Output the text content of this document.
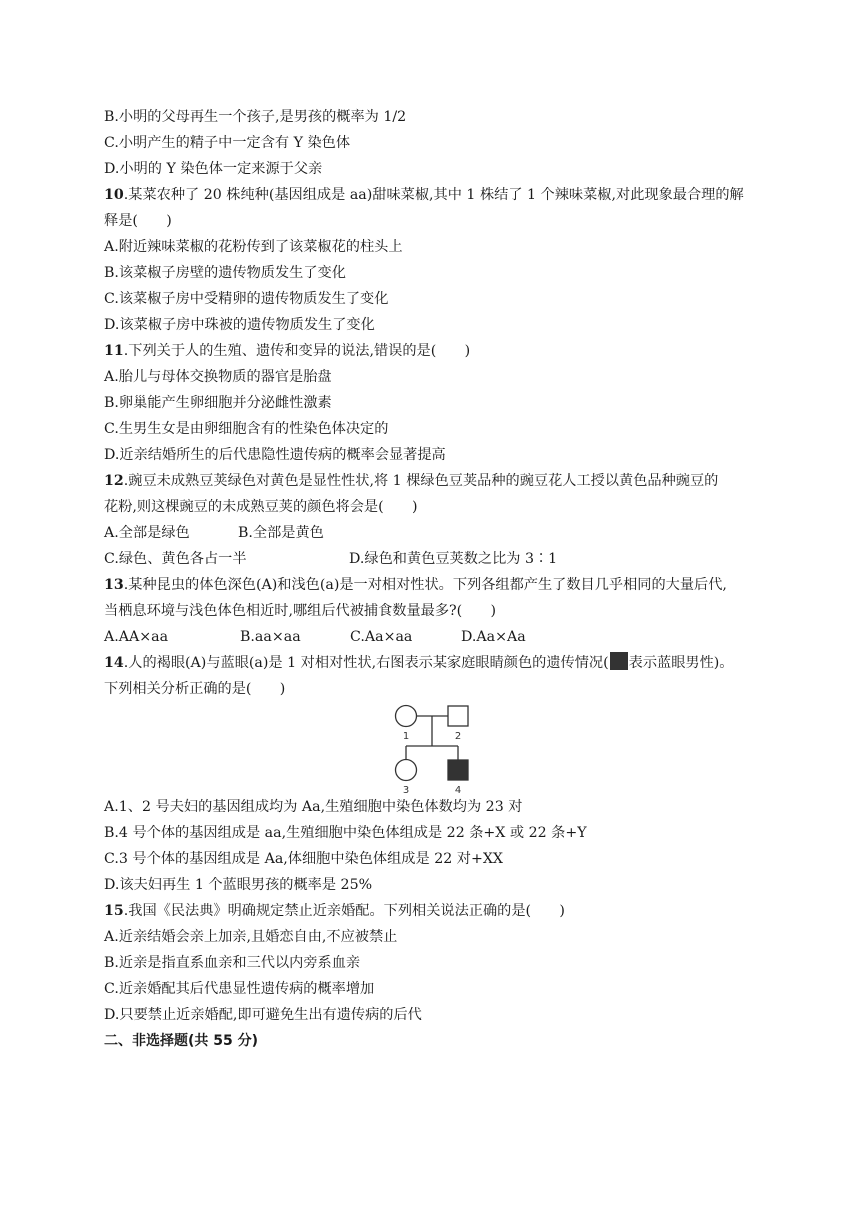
B.小明的父母再生一个孩子,是男孩的概率为 1/2
C.小明产生的精子中一定含有 Y 染色体
D.小明的 Y 染色体一定来源于父亲
10.某菜农种了 20 株纯种(基因组成是 aa)甜味菜椒,其中 1 株结了 1 个辣味菜椒,对此现象最合理的解
释是(　　)
A.附近辣味菜椒的花粉传到了该菜椒花的柱头上
B.该菜椒子房壁的遗传物质发生了变化
C.该菜椒子房中受精卵的遗传物质发生了变化
D.该菜椒子房中珠被的遗传物质发生了变化
11.下列关于人的生殖、遗传和变异的说法,错误的是(　　)
A.胎儿与母体交换物质的器官是胎盘
B.卵巢能产生卵细胞并分泌雌性激素
C.生男生女是由卵细胞含有的性染色体决定的
D.近亲结婚所生的后代患隐性遗传病的概率会显著提高
12.豌豆未成熟豆荚绿色对黄色是显性性状,将 1 棵绿色豆荚品种的豌豆花人工授以黄色品种豌豆的
花粉,则这棵豌豆的未成熟豆荚的颜色将会是(　　)
A.全部是绿色	B.全部是黄色
C.绿色、黄色各占一半	D.绿色和黄色豆荚数之比为 3∶1
13.某种昆虫的体色深色(A)和浅色(a)是一对相对性状。下列各组都产生了数目几乎相同的大量后代,
当栖息环境与浅色体色相近时,哪组后代被捕食数量最多?(　　)
A.AA×aa	B.aa×aa	C.Aa×aa	D.Aa×Aa
14.人的褐眼(A)与蓝眼(a)是 1 对相对性状,右图表示某家庭眼睛颜色的遗传情况( 表示蓝眼男性)。
下列相关分析正确的是(　　)
1	2
3	4
A.1、2 号夫妇的基因组成均为 Aa,生殖细胞中染色体数均为 23 对
B.4 号个体的基因组成是 aa,生殖细胞中染色体组成是 22 条+X 或 22 条+Y
C.3 号个体的基因组成是 Aa,体细胞中染色体组成是 22 对+XX
D.该夫妇再生 1 个蓝眼男孩的概率是 25%
15.我国《民法典》明确规定禁止近亲婚配。下列相关说法正确的是(　　)
A.近亲结婚会亲上加亲,且婚恋自由,不应被禁止
B.近亲是指直系血亲和三代以内旁系血亲
C.近亲婚配其后代患显性遗传病的概率增加
D.只要禁止近亲婚配,即可避免生出有遗传病的后代
二、非选择题(共 55 分)
